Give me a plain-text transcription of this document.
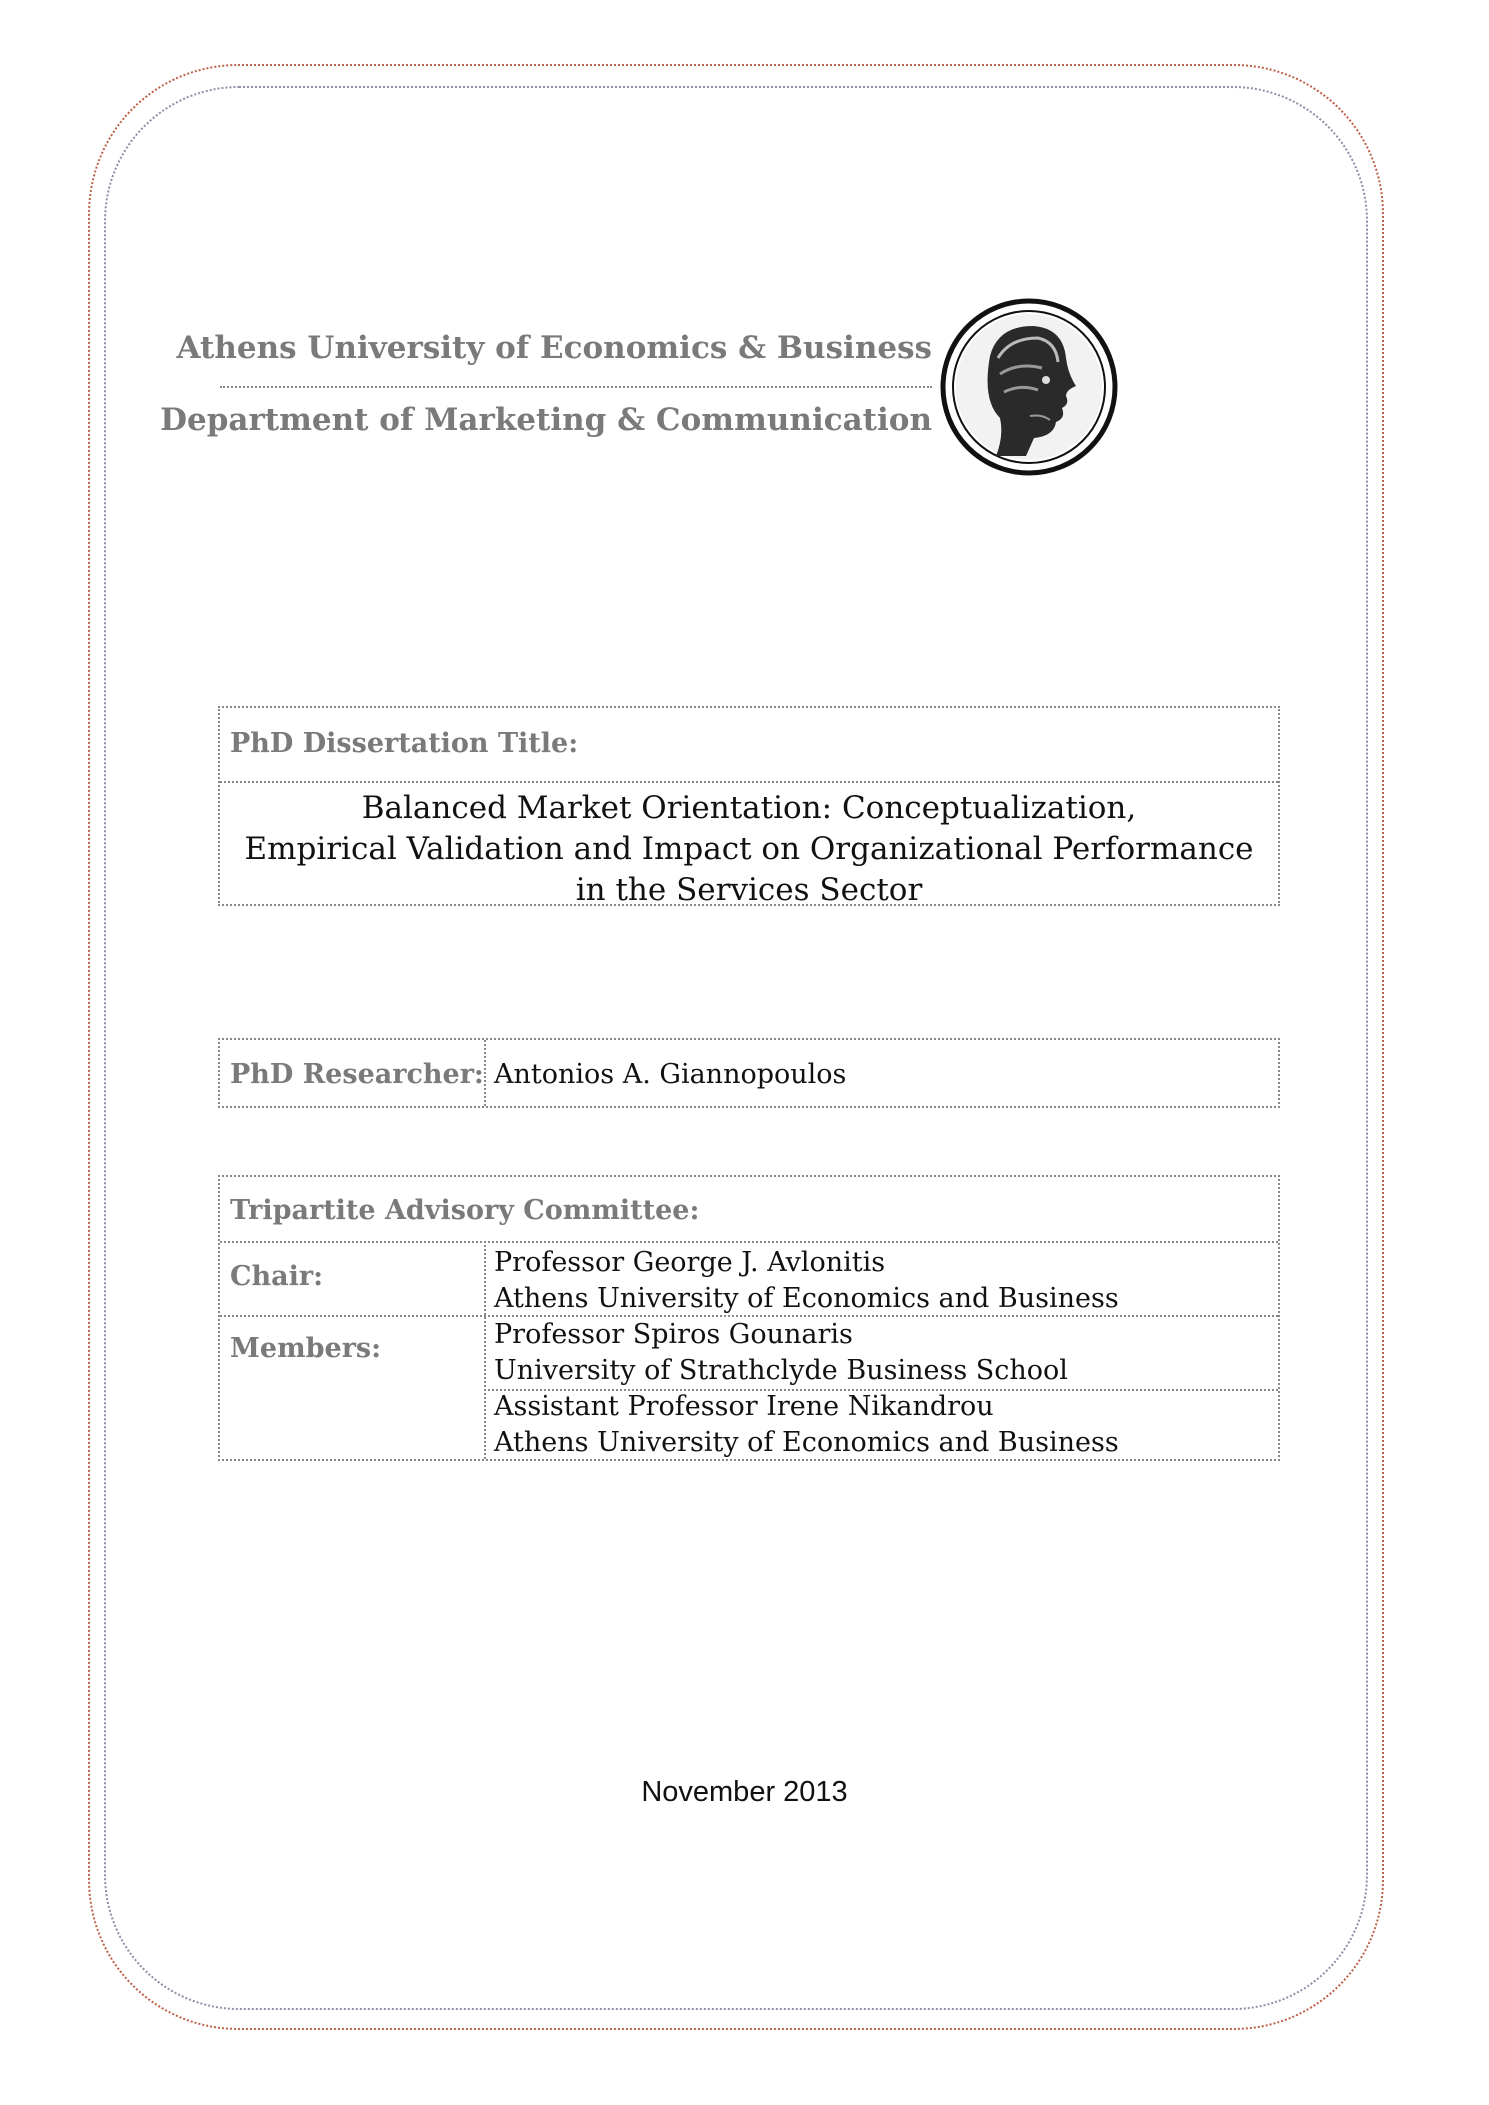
Athens University of Economics & Business
Department of Marketing & Communication
PhD Dissertation Title:
Balanced Market Orientation: Conceptualization,
Empirical Validation and Impact on Organizational Performance
in the Services Sector
PhD Researcher: Antonios A. Giannopoulos
Tripartite Advisory Committee:
Chair:	Professor George J. Avlonitis
Athens University of Economics and Business
Members:	Professor Spiros Gounaris
University of Strathclyde Business School
Assistant Professor Irene Nikandrou
Athens University of Economics and Business
November 2013
